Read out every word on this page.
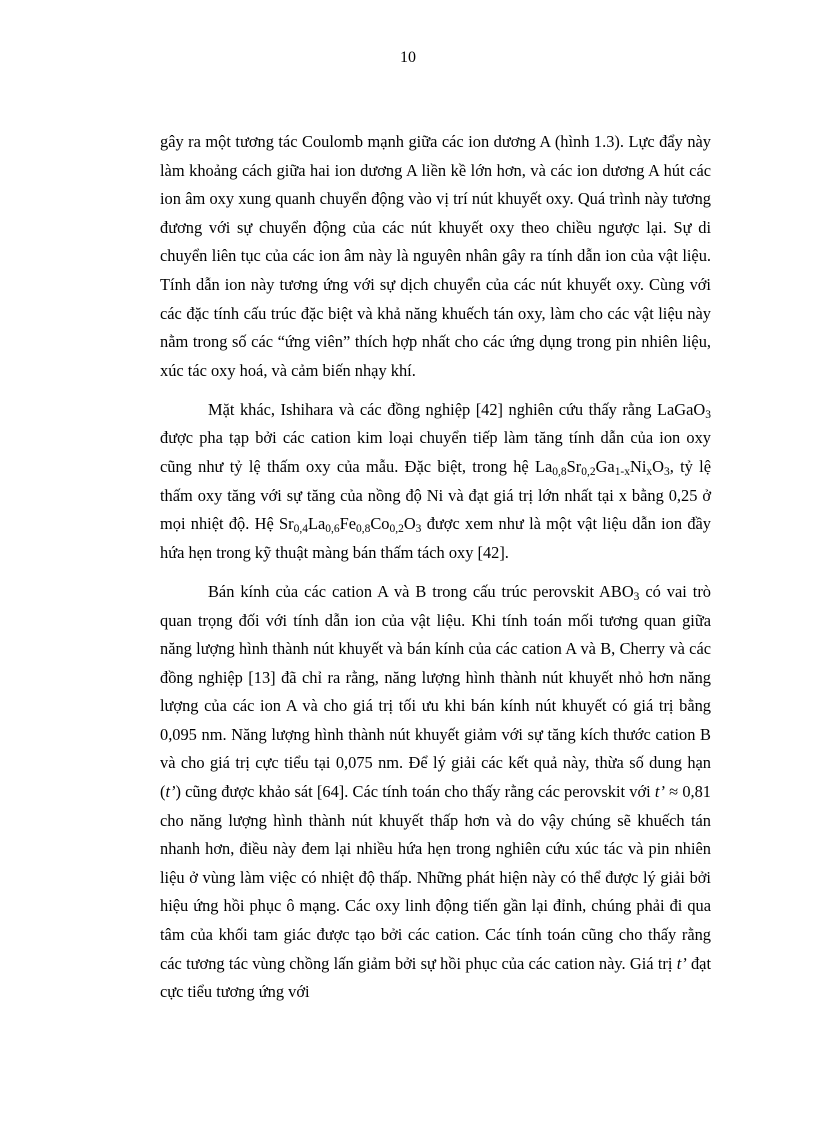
10

gây ra một tương tác Coulomb mạnh giữa các ion dương A (hình 1.3). Lực đẩy này làm khoảng cách giữa hai ion dương A liền kề lớn hơn, và các ion dương A hút các ion âm oxy xung quanh chuyển động vào vị trí nút khuyết oxy. Quá trình này tương đương với sự chuyển động của các nút khuyết oxy theo chiều ngược lại. Sự di chuyển liên tục của các ion âm này là nguyên nhân gây ra tính dẫn ion của vật liệu. Tính dẫn ion này tương ứng với sự dịch chuyển của các nút khuyết oxy. Cùng với các đặc tính cấu trúc đặc biệt và khả năng khuếch tán oxy, làm cho các vật liệu này nằm trong số các “ứng viên” thích hợp nhất cho các ứng dụng trong pin nhiên liệu, xúc tác oxy hoá, và cảm biến nhạy khí.

Mặt khác, Ishihara và các đồng nghiệp [42] nghiên cứu thấy rằng LaGaO$_3$ được pha tạp bởi các cation kim loại chuyển tiếp làm tăng tính dẫn của ion oxy cũng như tỷ lệ thấm oxy của mẫu. Đặc biệt, trong hệ $La_{0,8}Sr_{0,2}Ga_{1-x}Ni_xO_3$, tỷ lệ thấm oxy tăng với sự tăng của nồng độ Ni và đạt giá trị lớn nhất tại x bằng 0,25 ở mọi nhiệt độ. Hệ $Sr_{0,4}La_{0,6}Fe_{0,8}Co_{0,2}O_3$ được xem như là một vật liệu dẫn ion đầy hứa hẹn trong kỹ thuật màng bán thấm tách oxy [42].

Bán kính của các cation A và B trong cấu trúc perovskit $ABO_3$ có vai trò quan trọng đối với tính dẫn ion của vật liệu. Khi tính toán mối tương quan giữa năng lượng hình thành nút khuyết và bán kính của các cation A và B, Cherry và các đồng nghiệp [13] đã chỉ ra rằng, năng lượng hình thành nút khuyết nhỏ hơn năng lượng của các ion A và cho giá trị tối ưu khi bán kính nút khuyết có giá trị bằng 0,095 nm. Năng lượng hình thành nút khuyết giảm với sự tăng kích thước cation B và cho giá trị cực tiểu tại 0,075 nm. Để lý giải các kết quả này, thừa số dung hạn (t’) cũng được khảo sát [64]. Các tính toán cho thấy rằng các perovskit với t’ ≈ 0,81 cho năng lượng hình thành nút khuyết thấp hơn và do vậy chúng sẽ khuếch tán nhanh hơn, điều này đem lại nhiều hứa hẹn trong nghiên cứu xúc tác và pin nhiên liệu ở vùng làm việc có nhiệt độ thấp. Những phát hiện này có thể được lý giải bởi hiệu ứng hồi phục ô mạng. Các oxy linh động tiến gần lại đỉnh, chúng phải đi qua tâm của khối tam giác được tạo bởi các cation. Các tính toán cũng cho thấy rằng các tương tác vùng chồng lấn giảm bởi sự hồi phục của các cation này. Giá trị t’ đạt cực tiểu tương ứng với
